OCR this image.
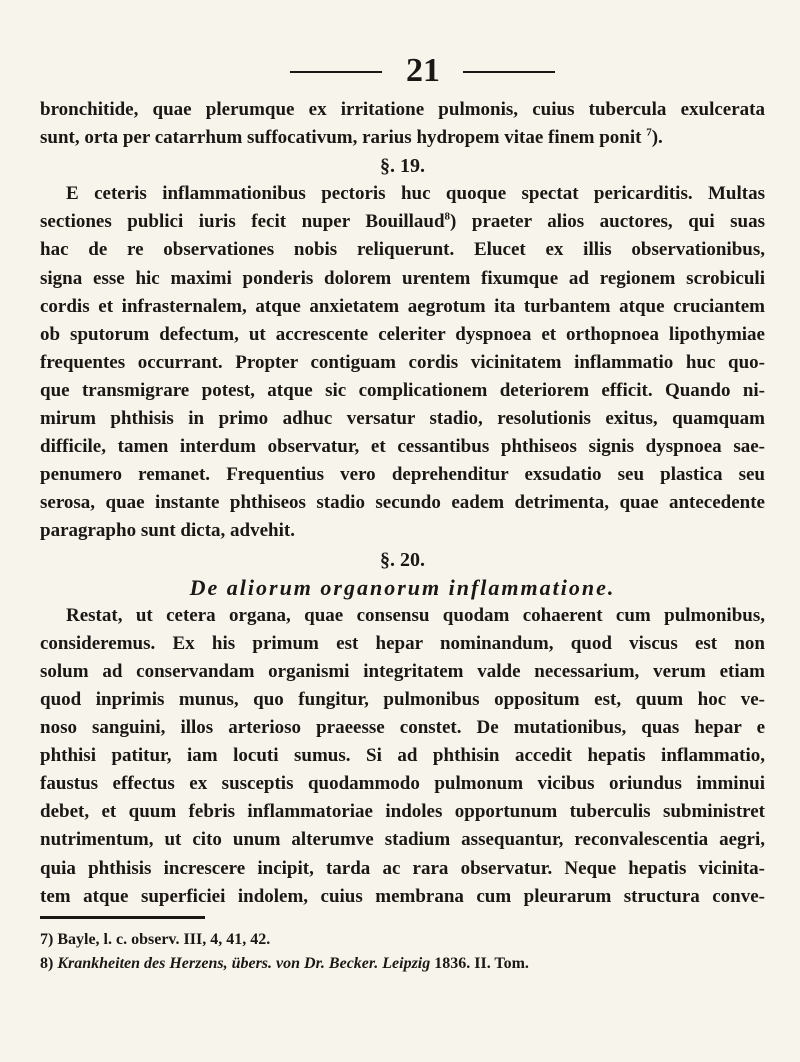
21
bronchitide, quae plerumque ex irritatione pulmonis, cuius tubercula exulcerata
sunt, orta per catarrhum suffocativum, rarius hydropem vitae finem ponit $^7$).
§. 19.
E ceteris inflammationibus pectoris huc quoque spectat pericarditis. Multas
sectiones publici iuris fecit nuper Bouillaud$^8$) praeter alios auctores, qui suas
hac de re observationes nobis reliquerunt. Elucet ex illis observationibus,
signa esse hic maximi ponderis dolorem urentem fixumque ad regionem scrobiculi
cordis et infrasternalem, atque anxietatem aegrotum ita turbantem atque cruciantem
ob sputorum defectum, ut accrescente celeriter dyspnoea et orthopnoea lipothymiae
frequentes occurrant. Propter contiguam cordis vicinitatem inflammatio huc quo-
que transmigrare potest, atque sic complicationem deteriorem efficit. Quando ni-
mirum phthisis in primo adhuc versatur stadio, resolutionis exitus, quamquam
difficile, tamen interdum observatur, et cessantibus phthiseos signis dyspnoea sae-
penumero remanet. Frequentius vero deprehenditur exsudatio seu plastica seu
serosa, quae instante phthiseos stadio secundo eadem detrimenta, quae antecedente
paragrapho sunt dicta, advehit.
§. 20.
De aliorum organorum inflammatione.
Restat, ut cetera organa, quae consensu quodam cohaerent cum pulmonibus,
consideremus. Ex his primum est hepar nominandum, quod viscus est non
solum ad conservandam organismi integritatem valde necessarium, verum etiam
quod inprimis munus, quo fungitur, pulmonibus oppositum est, quum hoc ve-
noso sanguini, illos arterioso praeesse constet. De mutationibus, quas hepar e
phthisi patitur, iam locuti sumus. Si ad phthisin accedit hepatis inflammatio,
faustus effectus ex susceptis quodammodo pulmonum vicibus oriundus imminui
debet, et quum febris inflammatoriae indoles opportunum tuberculis subministret
nutrimentum, ut cito unum alterumve stadium assequantur, reconvalescentia aegri,
quia phthisis increscere incipit, tarda ac rara observatur. Neque hepatis vicinita-
tem atque superficiei indolem, cuius membrana cum pleurarum structura conve-
7) Bayle, l. c. observ. III, 4, 41, 42.
8) Krankheiten des Herzens, übers. von Dr. Becker. Leipzig 1836. II. Tom.
